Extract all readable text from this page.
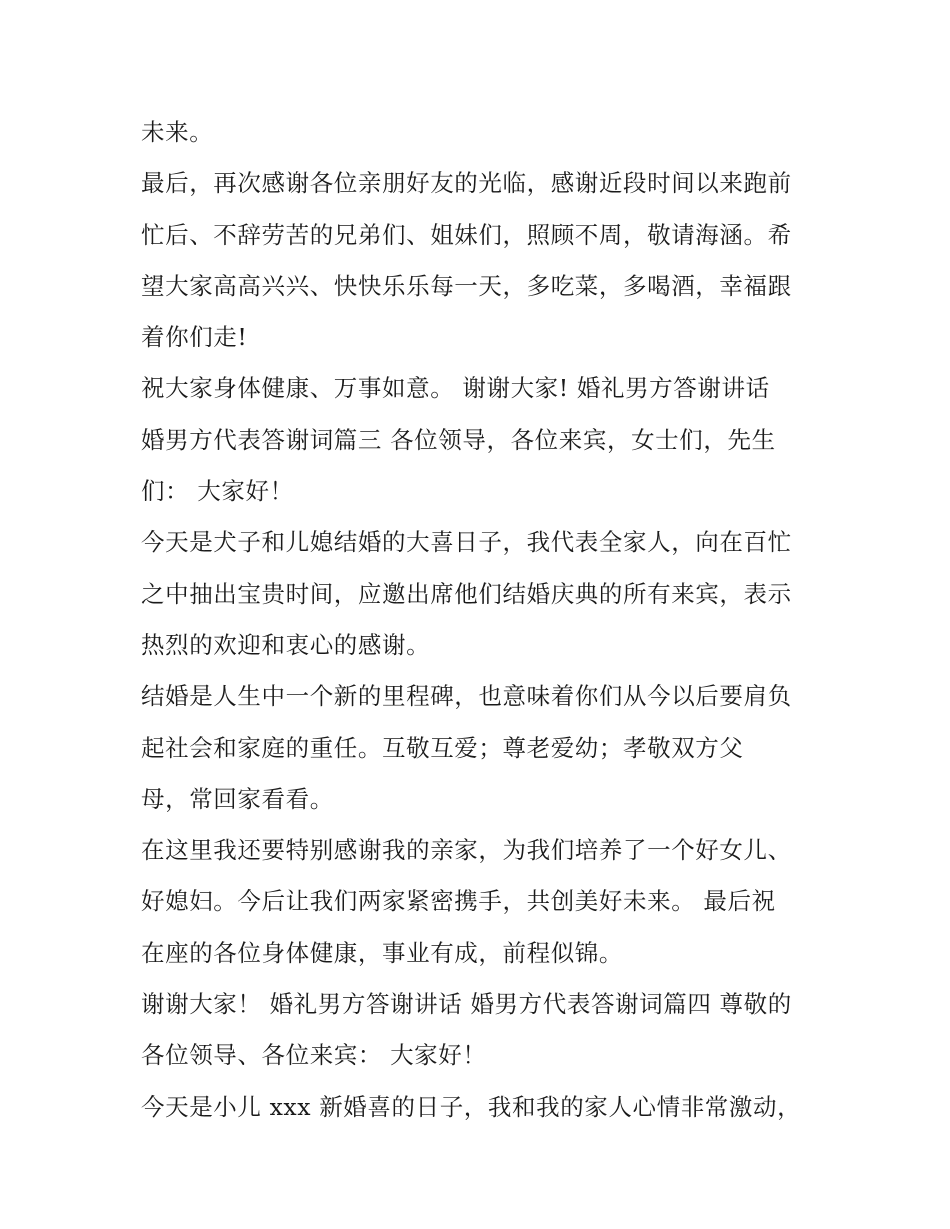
未来。
最后，再次感谢各位亲朋好友的光临，感谢近段时间以来跑前
忙后、不辞劳苦的兄弟们、姐妹们，照顾不周，敬请海涵。希
望大家高高兴兴、快快乐乐每一天，多吃菜，多喝酒，幸福跟
着你们走!
祝大家身体健康、万事如意。 谢谢大家! 婚礼男方答谢讲话
婚男方代表答谢词篇三 各位领导，各位来宾，女士们，先生
们： 大家好！
今天是犬子和儿媳结婚的大喜日子，我代表全家人，向在百忙
之中抽出宝贵时间，应邀出席他们结婚庆典的所有来宾，表示
热烈的欢迎和衷心的感谢。
结婚是人生中一个新的里程碑，也意味着你们从今以后要肩负
起社会和家庭的重任。互敬互爱；尊老爱幼；孝敬双方父
母，常回家看看。
在这里我还要特别感谢我的亲家，为我们培养了一个好女儿、
好媳妇。今后让我们两家紧密携手，共创美好未来。 最后祝
在座的各位身体健康，事业有成，前程似锦。
谢谢大家！ 婚礼男方答谢讲话 婚男方代表答谢词篇四 尊敬的
各位领导、各位来宾： 大家好！
今天是小儿 xxx 新婚喜的日子，我和我的家人心情非常激动，
